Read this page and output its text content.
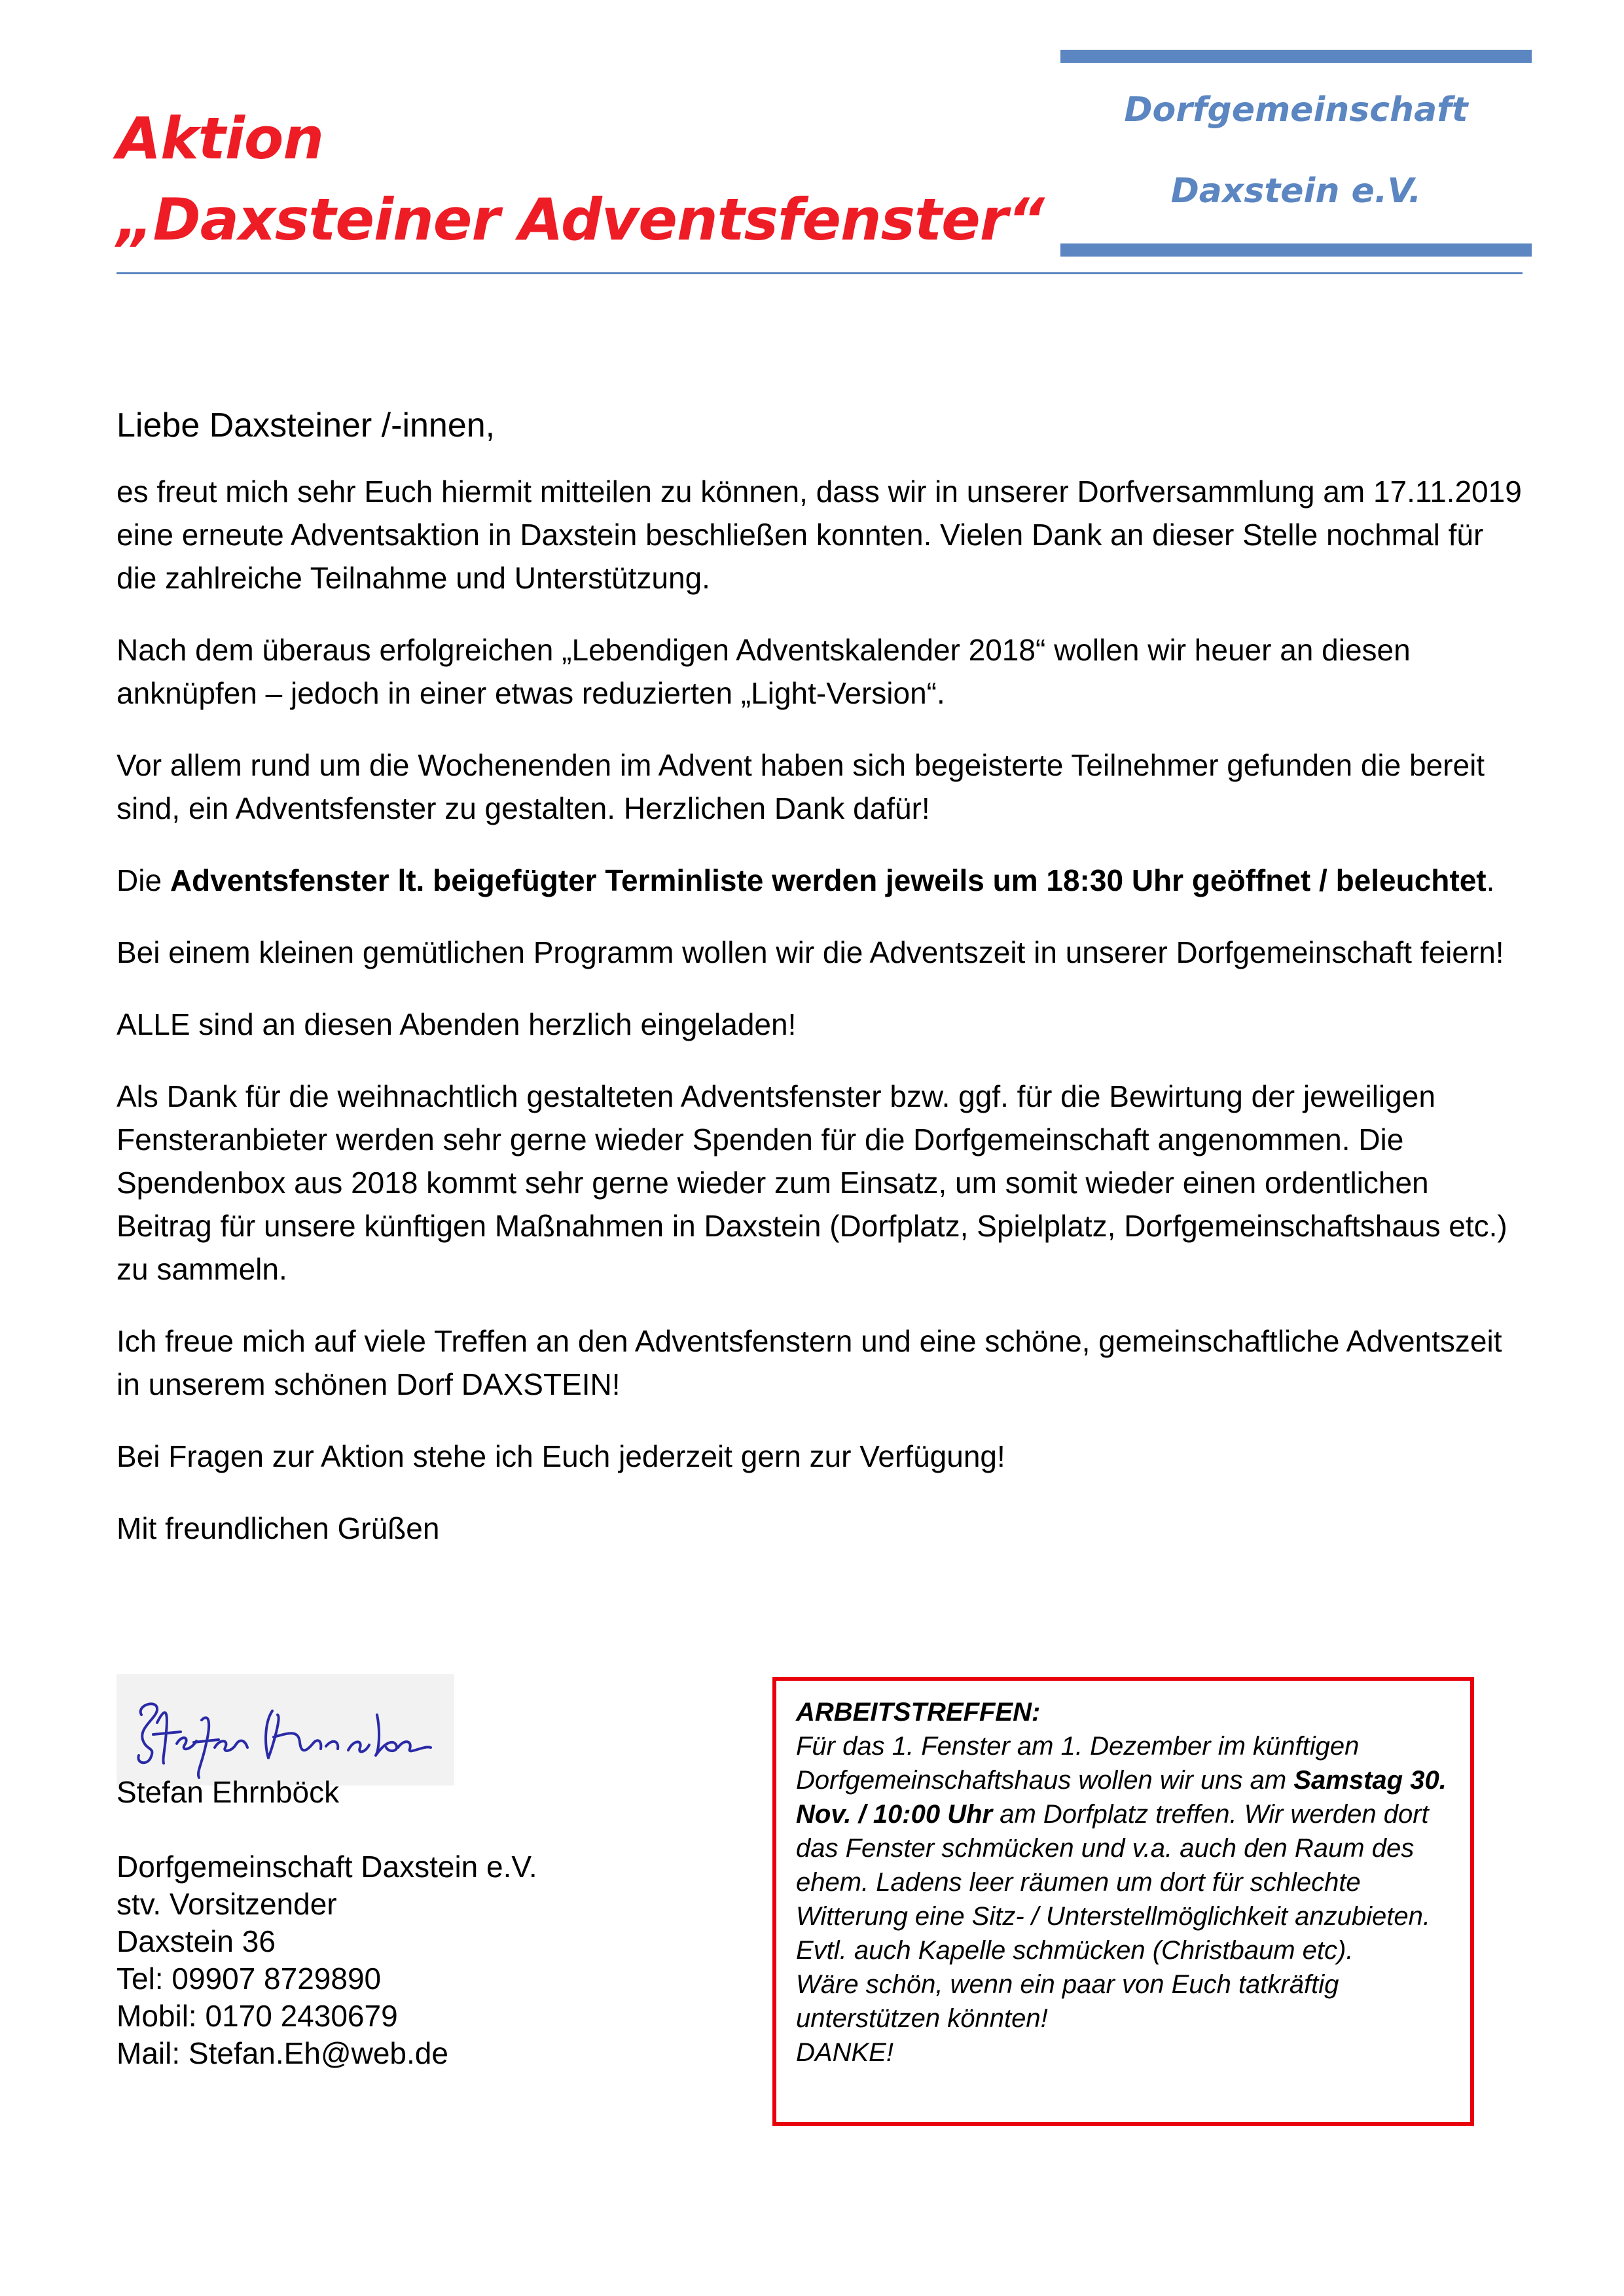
Aktion
„Daxsteiner Adventsfenster“
Dorfgemeinschaft
Daxstein e.V.

Liebe Daxsteiner /-innen,

es freut mich sehr Euch hiermit mitteilen zu können, dass wir in unserer Dorfversammlung am 17.11.2019 eine erneute Adventsaktion in Daxstein beschließen konnten. Vielen Dank an dieser Stelle nochmal für die zahlreiche Teilnahme und Unterstützung.

Nach dem überaus erfolgreichen „Lebendigen Adventskalender 2018“ wollen wir heuer an diesen anknüpfen – jedoch in einer etwas reduzierten „Light-Version“.

Vor allem rund um die Wochenenden im Advent haben sich begeisterte Teilnehmer gefunden die bereit sind, ein Adventsfenster zu gestalten. Herzlichen Dank dafür!

Die Adventsfenster lt. beigefügter Terminliste werden jeweils um 18:30 Uhr geöffnet / beleuchtet.

Bei einem kleinen gemütlichen Programm wollen wir die Adventszeit in unserer Dorfgemeinschaft feiern!

ALLE sind an diesen Abenden herzlich eingeladen!

Als Dank für die weihnachtlich gestalteten Adventsfenster bzw. ggf. für die Bewirtung der jeweiligen Fensteranbieter werden sehr gerne wieder Spenden für die Dorfgemeinschaft angenommen. Die Spendenbox aus 2018 kommt sehr gerne wieder zum Einsatz, um somit wieder einen ordentlichen Beitrag für unsere künftigen Maßnahmen in Daxstein (Dorfplatz, Spielplatz, Dorfgemeinschaftshaus etc.) zu sammeln.

Ich freue mich auf viele Treffen an den Adventsfenstern und eine schöne, gemeinschaftliche Adventszeit in unserem schönen Dorf DAXSTEIN!

Bei Fragen zur Aktion stehe ich Euch jederzeit gern zur Verfügung!

Mit freundlichen Grüßen

Stefan Ehrnböck
Dorfgemeinschaft Daxstein e.V.
stv. Vorsitzender
Daxstein 36
Tel: 09907 8729890
Mobil: 0170 2430679
Mail: Stefan.Eh@web.de

ARBEITSTREFFEN:

Für das 1. Fenster am 1. Dezember im künftigen Dorfgemeinschaftshaus wollen wir uns am Samstag 30. Nov. / 10:00 Uhr am Dorfplatz treffen. Wir werden dort das Fenster schmücken und v.a. auch den Raum des ehem. Ladens leer räumen um dort für schlechte Witterung eine Sitz- / Unterstellmöglichkeit anzubieten. Evtl. auch Kapelle schmücken (Christbaum etc).

Wäre schön, wenn ein paar von Euch tatkräftig unterstützen könnten!

DANKE!
